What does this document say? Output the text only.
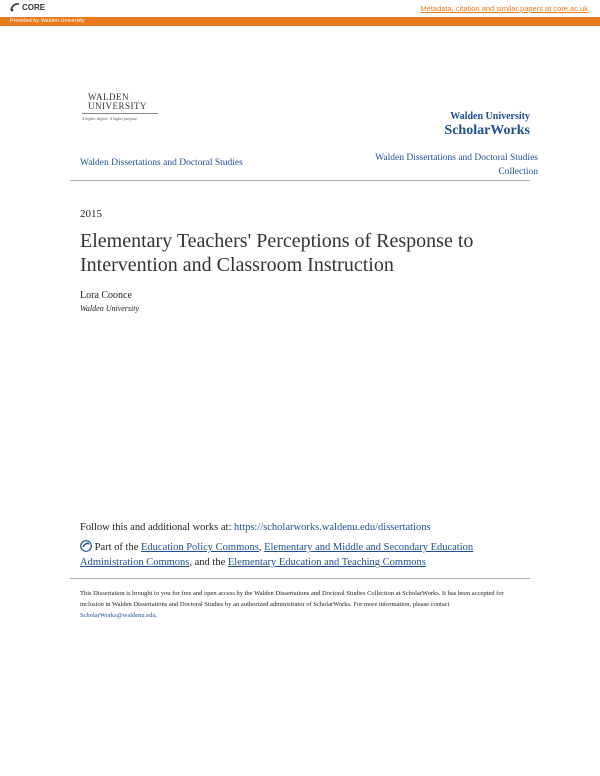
CORE	Metadata, citation and similar papers at core.ac.uk
Provided by Walden University
WALDEN
UNIVERSITY
A higher degree. A higher purpose.	Walden University
ScholarWorks
Walden Dissertations and Doctoral Studies	Walden Dissertations and Doctoral Studies Collection
2015
Elementary Teachers' Perceptions of Response to Intervention and Classroom Instruction
Lora Coonce
Walden University
Follow this and additional works at: https://scholarworks.waldenu.edu/dissertations
Part of the Education Policy Commons, Elementary and Middle and Secondary Education Administration Commons, and the Elementary Education and Teaching Commons
This Dissertation is brought to you for free and open access by the Walden Dissertations and Doctoral Studies Collection at ScholarWorks. It has been accepted for inclusion in Walden Dissertations and Doctoral Studies by an authorized administrator of ScholarWorks. For more information, please contact ScholarWorks@waldenu.edu.
